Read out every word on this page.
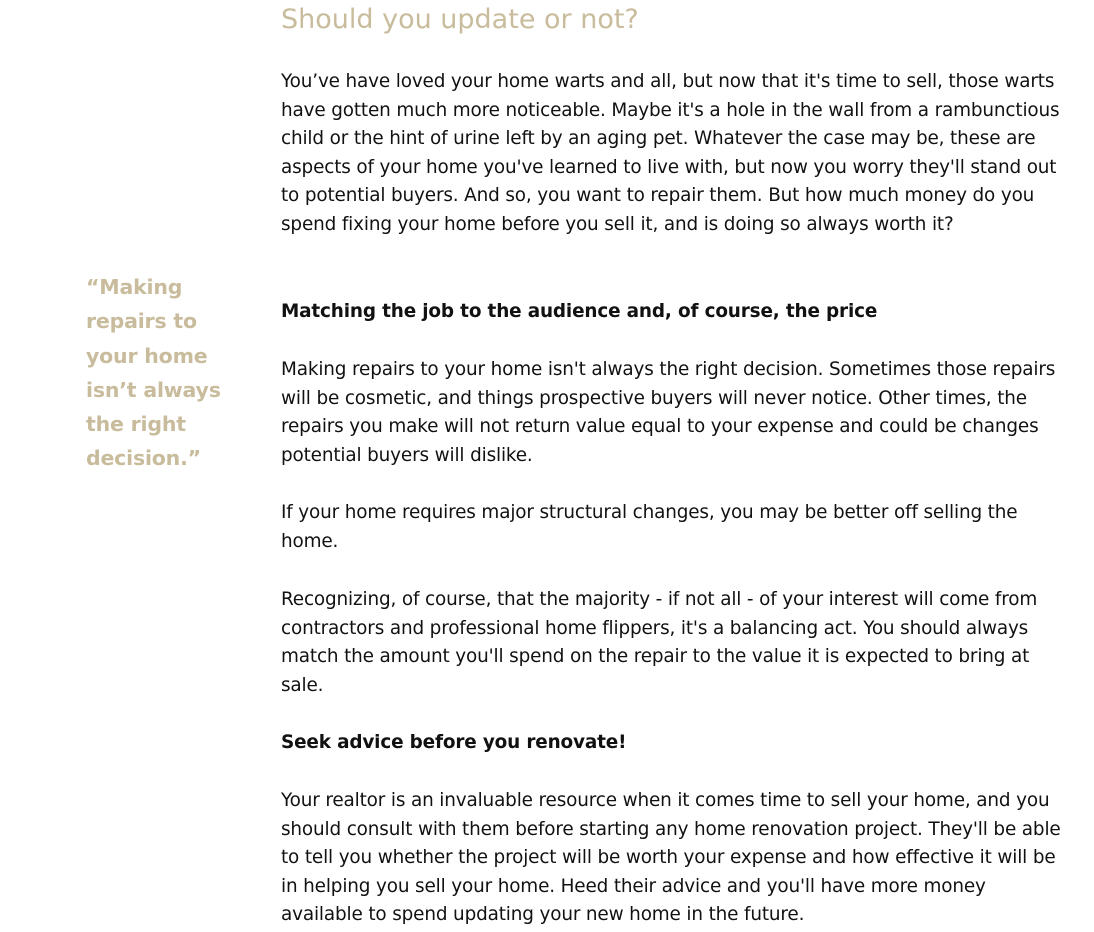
“Making repairs to your home isn’t always the right decision.”

Should you update or not?

You’ve have loved your home warts and all, but now that it's time to sell, those warts have gotten much more noticeable. Maybe it's a hole in the wall from a rambunctious child or the hint of urine left by an aging pet. Whatever the case may be, these are aspects of your home you've learned to live with, but now you worry they'll stand out to potential buyers. And so, you want to repair them. But how much money do you spend fixing your home before you sell it, and is doing so always worth it?

Matching the job to the audience and, of course, the price

Making repairs to your home isn't always the right decision. Sometimes those repairs will be cosmetic, and things prospective buyers will never notice. Other times, the repairs you make will not return value equal to your expense and could be changes potential buyers will dislike.

If your home requires major structural changes, you may be better off selling the home.

Recognizing, of course, that the majority - if not all - of your interest will come from contractors and professional home flippers, it's a balancing act. You should always match the amount you'll spend on the repair to the value it is expected to bring at sale.

Seek advice before you renovate!

Your realtor is an invaluable resource when it comes time to sell your home, and you should consult with them before starting any home renovation project. They'll be able to tell you whether the project will be worth your expense and how effective it will be in helping you sell your home. Heed their advice and you'll have more money available to spend updating your new home in the future.
